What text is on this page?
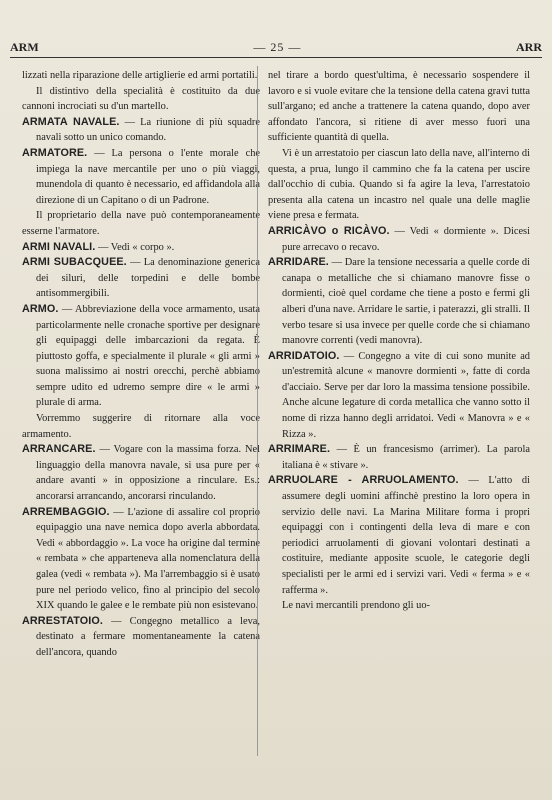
ARM	— 25 —	ARR

lizzati nella riparazione delle artiglierie ed armi portatili.

Il distintivo della specialità è costituito da due cannoni incrociati su d'un martello.

ARMATA NAVALE. — La riunione di più squadre navali sotto un unico comando.

ARMATORE. — La persona o l'ente morale che impiega la nave mercantile per uno o più viaggi, munendola di quanto è necessario, ed affidandola alla direzione di un Capitano o di un Padrone.

Il proprietario della nave può contemporaneamente esserne l'armatore.

ARMI NAVALI. — Vedi « corpo ».

ARMI SUBACQUEE. — La denominazione generica dei siluri, delle torpedini e delle bombe antisommergibili.

ARMO. — Abbreviazione della voce armamento, usata particolarmente nelle cronache sportive per designare gli equipaggi delle imbarcazioni da regata. È piuttosto goffa, e specialmente il plurale « gli armi » suona malissimo ai nostri orecchi, perchè abbiamo sempre udito ed udremo sempre dire « le armi » plurale di arma.

Vorremmo suggerire di ritornare alla voce armamento.

ARRANCARE. — Vogare con la massima forza. Nel linguaggio della manovra navale, si usa pure per « andare avanti » in opposizione a rinculare. Es.: ancorarsi arrancando, ancorarsi rinculando.

ARREMBAGGIO. — L'azione di assalire col proprio equipaggio una nave nemica dopo averla abbordata. Vedi « abbordaggio ». La voce ha origine dal termine « rembata » che apparteneva alla nomenclatura della galea (vedi « rembata »). Ma l'arrembaggio si è usato pure nel periodo velico, fino al principio del secolo XIX quando le galee e le rembate più non esistevano.

ARRESTATOIO. — Congegno metallico a leva, destinato a fermare momentaneamente la catena dell'ancora, quando

nel tirare a bordo quest'ultima, è necessario sospendere il lavoro e si vuole evitare che la tensione della catena gravi tutta sull'argano; ed anche a trattenere la catena quando, dopo aver affondato l'ancora, si ritiene di aver messo fuori una sufficiente quantità di quella.

Vi è un arrestatoio per ciascun lato della nave, all'interno di questa, a prua, lungo il cammino che fa la catena per uscire dall'occhio di cubia. Quando si fa agire la leva, l'arrestatoio presenta alla catena un incastro nel quale una delle maglie viene presa e fermata.

ARRICÀVO o RICÀVO. — Vedi « dormiente ». Dicesi pure arrecavo o recavo.

ARRIDARE. — Dare la tensione necessaria a quelle corde di canapa o metalliche che si chiamano manovre fisse o dormienti, cioè quel cordame che tiene a posto e fermi gli alberi d'una nave. Arridare le sartie, i paterazzi, gli stralli. Il verbo tesare si usa invece per quelle corde che si chiamano manovre correnti (vedi manovra).

ARRIDATOIO. — Congegno a vite di cui sono munite ad un'estremità alcune « manovre dormienti », fatte di corda d'acciaio. Serve per dar loro la massima tensione possibile. Anche alcune legature di corda metallica che vanno sotto il nome di rizza hanno degli arridatoi. Vedi « Manovra » e « Rizza ».

ARRIMARE. — È un francesismo (arrimer). La parola italiana è « stivare ».

ARRUOLARE - ARRUOLAMENTO. — L'atto di assumere degli uomini affinchè prestino la loro opera in servizio delle navi. La Marina Militare forma i propri equipaggi con i contingenti della leva di mare e con periodici arruolamenti di giovani volontari destinati a costituire, mediante apposite scuole, le categorie degli specialisti per le armi ed i servizi vari. Vedi « ferma » e « rafferma ».

Le navi mercantili prendono gli uo-
